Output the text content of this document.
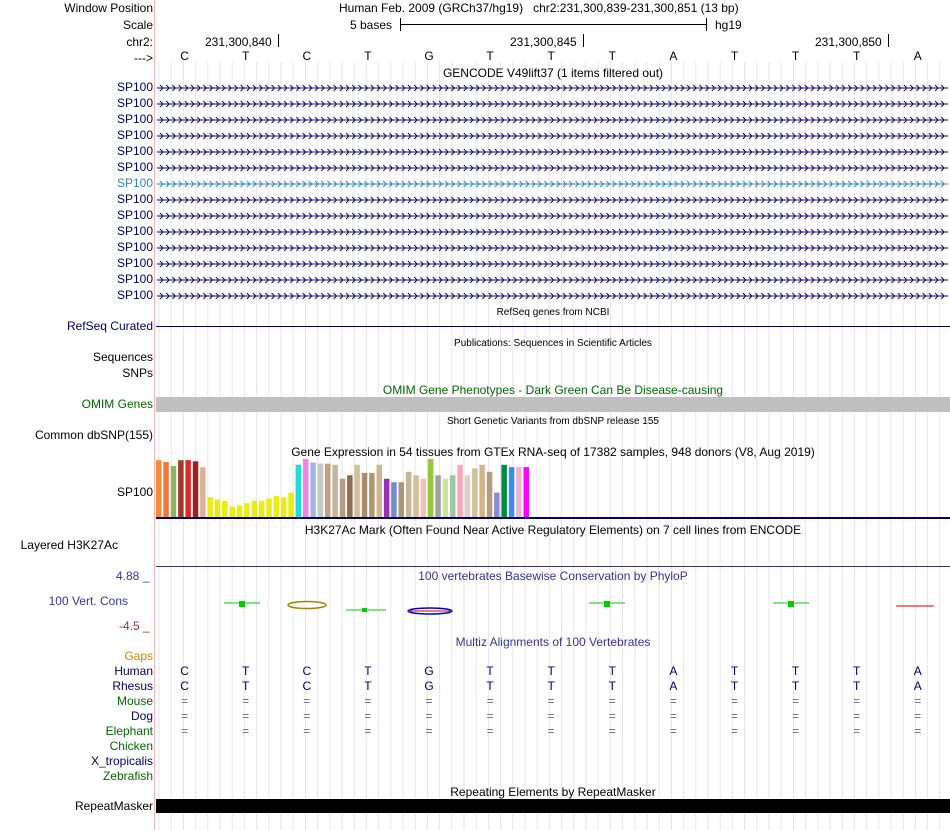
Window Position
Scale
chr2:
--->
Human Feb. 2009 (GRCh37/hg19)   chr2:231,300,839-231,300,851 (13 bp)
5 bases	hg19
231,300,840	231,300,845	231,300,850
C	T	C	T	G	T	T	T	A	T	T	T	A
GENCODE V49lift37 (1 items filtered out)
SP100
SP100
SP100
SP100
SP100
SP100
SP100
SP100
SP100
SP100
SP100
SP100
SP100
SP100
RefSeq genes from NCBI
RefSeq Curated
Publications: Sequences in Scientific Articles
Sequences
SNPs
OMIM Gene Phenotypes - Dark Green Can Be Disease-causing
OMIM Genes
Short Genetic Variants from dbSNP release 155
Common dbSNP(155)
Gene Expression in 54 tissues from GTEx RNA-seq of 17382 samples, 948 donors (V8, Aug 2019)
SP100
H3K27Ac Mark (Often Found Near Active Regulatory Elements) on 7 cell lines from ENCODE
Layered H3K27Ac
100 vertebrates Basewise Conservation by PhyloP
4.88 _
100 Vert. Cons
-4.5 _
Multiz Alignments of 100 Vertebrates
Gaps
Human C	T	C	T	G	T	T	T	A	T	T	T	A
Rhesus C	T	C	T	G	T	T	T	A	T	T	T	A
Mouse =	=	=	=	=	=	=	=	=	=	=	=	=
Dog =	=	=	=	=	=	=	=	=	=	=	=	=
Elephant =	=	=	=	=	=	=	=	=	=	=	=	=
Chicken
X_tropicalis
Zebrafish
Repeating Elements by RepeatMasker
RepeatMasker
